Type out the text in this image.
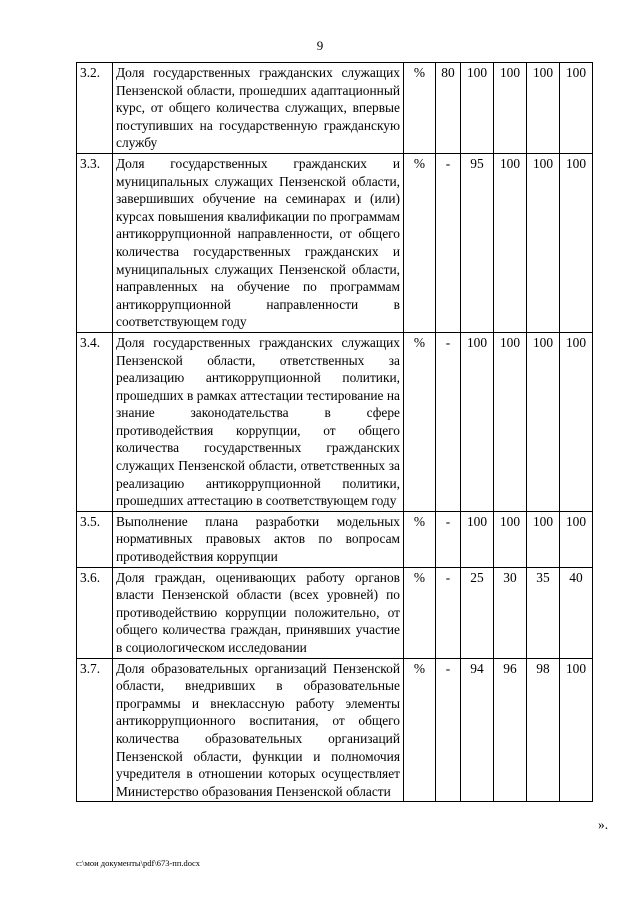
9
3.2.	Доля государственных гражданских служащих Пензенской области, прошедших адаптационный курс, от общего количества служащих, впервые поступивших на государственную гражданскую службу	%	80	100	100	100	100
3.3.	Доля государственных гражданских и муниципальных служащих Пензенской области, завершивших обучение на семинарах и (или) курсах повышения квалификации по программам антикоррупционной направленности, от общего количества государственных гражданских и муниципальных служащих Пензенской области, направленных на обучение по программам антикоррупционной направленности в соответствующем году	%	-	95	100	100	100
3.4.	Доля государственных гражданских служащих Пензенской области, ответственных за реализацию антикоррупционной политики, прошедших в рамках аттестации тестирование на знание законодательства в сфере противодействия коррупции, от общего количества государственных гражданских служащих Пензенской области, ответственных за реализацию антикоррупционной политики, прошедших аттестацию в соответствующем году	%	-	100	100	100	100
3.5.	Выполнение плана разработки модельных нормативных правовых актов по вопросам противодействия коррупции	%	-	100	100	100	100
3.6.	Доля граждан, оценивающих работу органов власти Пензенской области (всех уровней) по противодействию коррупции положительно, от общего количества граждан, принявших участие в социологическом исследовании	%	-	25	30	35	40
3.7.	Доля образовательных организаций Пензенской области, внедривших в образовательные программы и внеклассную работу элементы антикоррупционного воспитания, от общего количества образовательных организаций Пензенской области, функции и полномочия учредителя в отношении которых осуществляет Министерство образования Пензенской области	%	-	94	96	98	100
».
c:\мои документы\pdf\673-пп.docx
